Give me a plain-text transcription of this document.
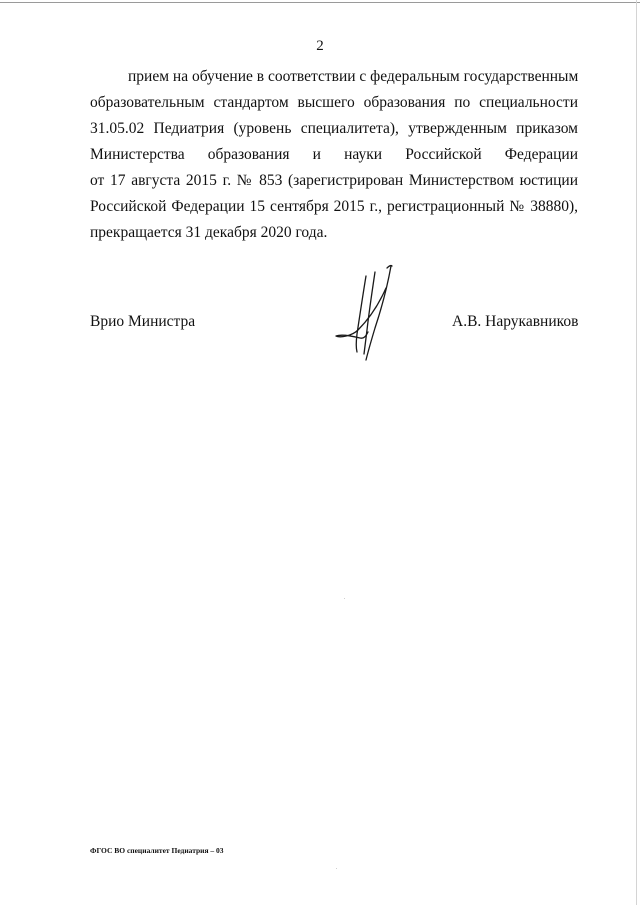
2
прием на обучение в соответствии с федеральным государственным
образовательным стандартом высшего образования по специальности
31.05.02 Педиатрия (уровень специалитета), утвержденным приказом
Министерства образования и науки Российской Федерации
от 17 августа 2015 г. № 853 (зарегистрирован Министерством юстиции
Российской Федерации 15 сентября 2015 г., регистрационный № 38880),
прекращается 31 декабря 2020 года.
Врио Министра	А.В. Нарукавников
ФГОС ВО специалитет Педиатрия – 03
